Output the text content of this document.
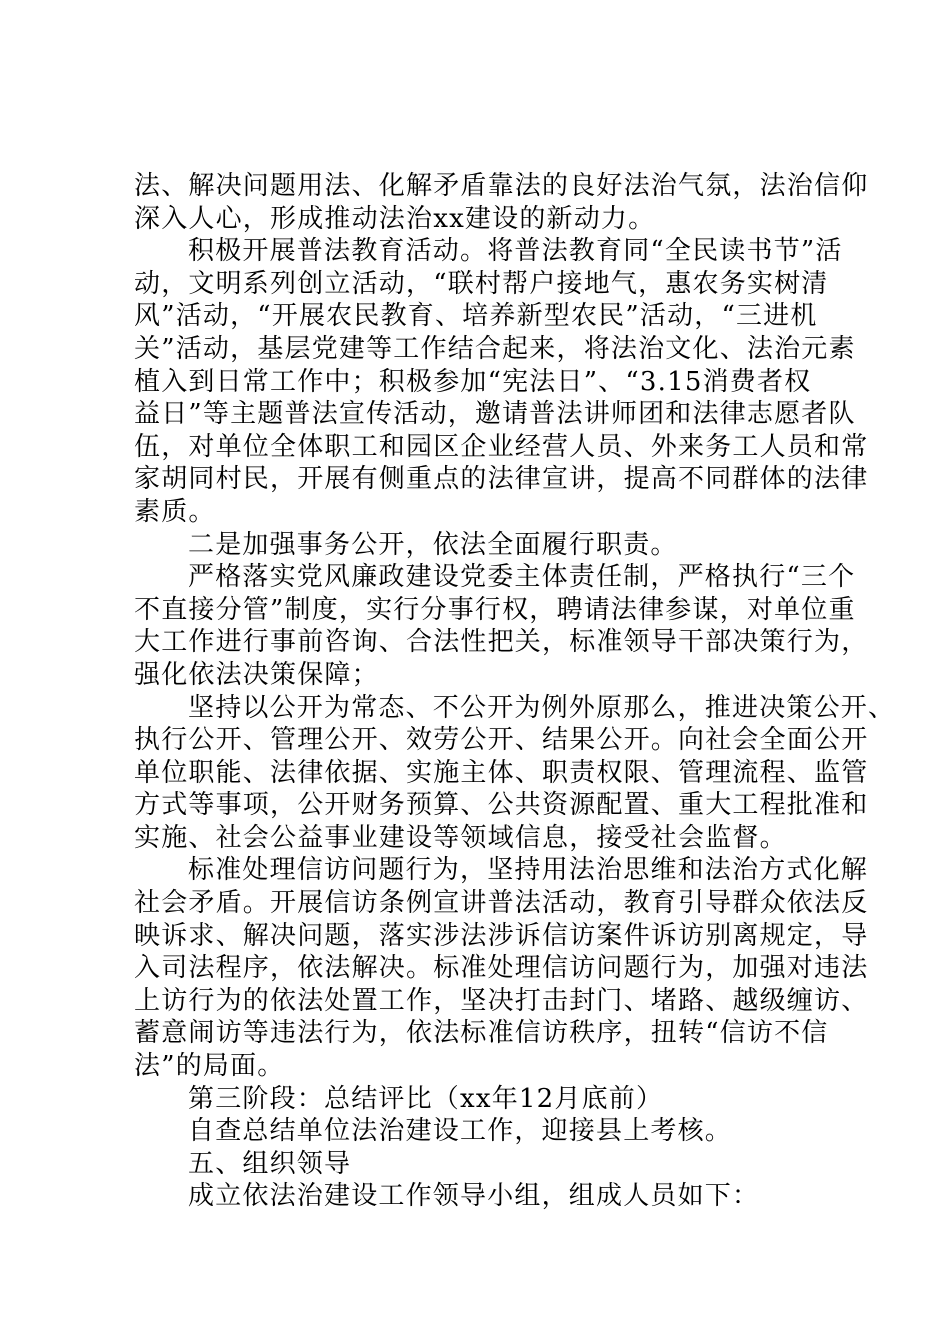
法、解决问题用法、化解矛盾靠法的良好法治气氛，法治信仰
深入人心，形成推动法治xx建设的新动力。
积极开展普法教育活动。将普法教育同“全民读书节”活
动，文明系列创立活动，“联村帮户接地气，惠农务实树清
风”活动，“开展农民教育、培养新型农民”活动，“三进机
关”活动，基层党建等工作结合起来，将法治文化、法治元素
植入到日常工作中；积极参加“宪法日”、“3.15消费者权
益日”等主题普法宣传活动，邀请普法讲师团和法律志愿者队
伍，对单位全体职工和园区企业经营人员、外来务工人员和常
家胡同村民，开展有侧重点的法律宣讲，提高不同群体的法律
素质。
二是加强事务公开，依法全面履行职责。
严格落实党风廉政建设党委主体责任制，严格执行“三个
不直接分管”制度，实行分事行权，聘请法律参谋，对单位重
大工作进行事前咨询、合法性把关，标准领导干部决策行为，
强化依法决策保障；
坚持以公开为常态、不公开为例外原那么，推进决策公开、
执行公开、管理公开、效劳公开、结果公开。向社会全面公开
单位职能、法律依据、实施主体、职责权限、管理流程、监管
方式等事项，公开财务预算、公共资源配置、重大工程批准和
实施、社会公益事业建设等领域信息，接受社会监督。
标准处理信访问题行为，坚持用法治思维和法治方式化解
社会矛盾。开展信访条例宣讲普法活动，教育引导群众依法反
映诉求、解决问题，落实涉法涉诉信访案件诉访别离规定，导
入司法程序，依法解决。标准处理信访问题行为，加强对违法
上访行为的依法处置工作，坚决打击封门、堵路、越级缠访、
蓄意闹访等违法行为，依法标准信访秩序，扭转“信访不信
法”的局面。
第三阶段：总结评比（xx年12月底前）
自查总结单位法治建设工作，迎接县上考核。
五、组织领导
成立依法治建设工作领导小组，组成人员如下：
